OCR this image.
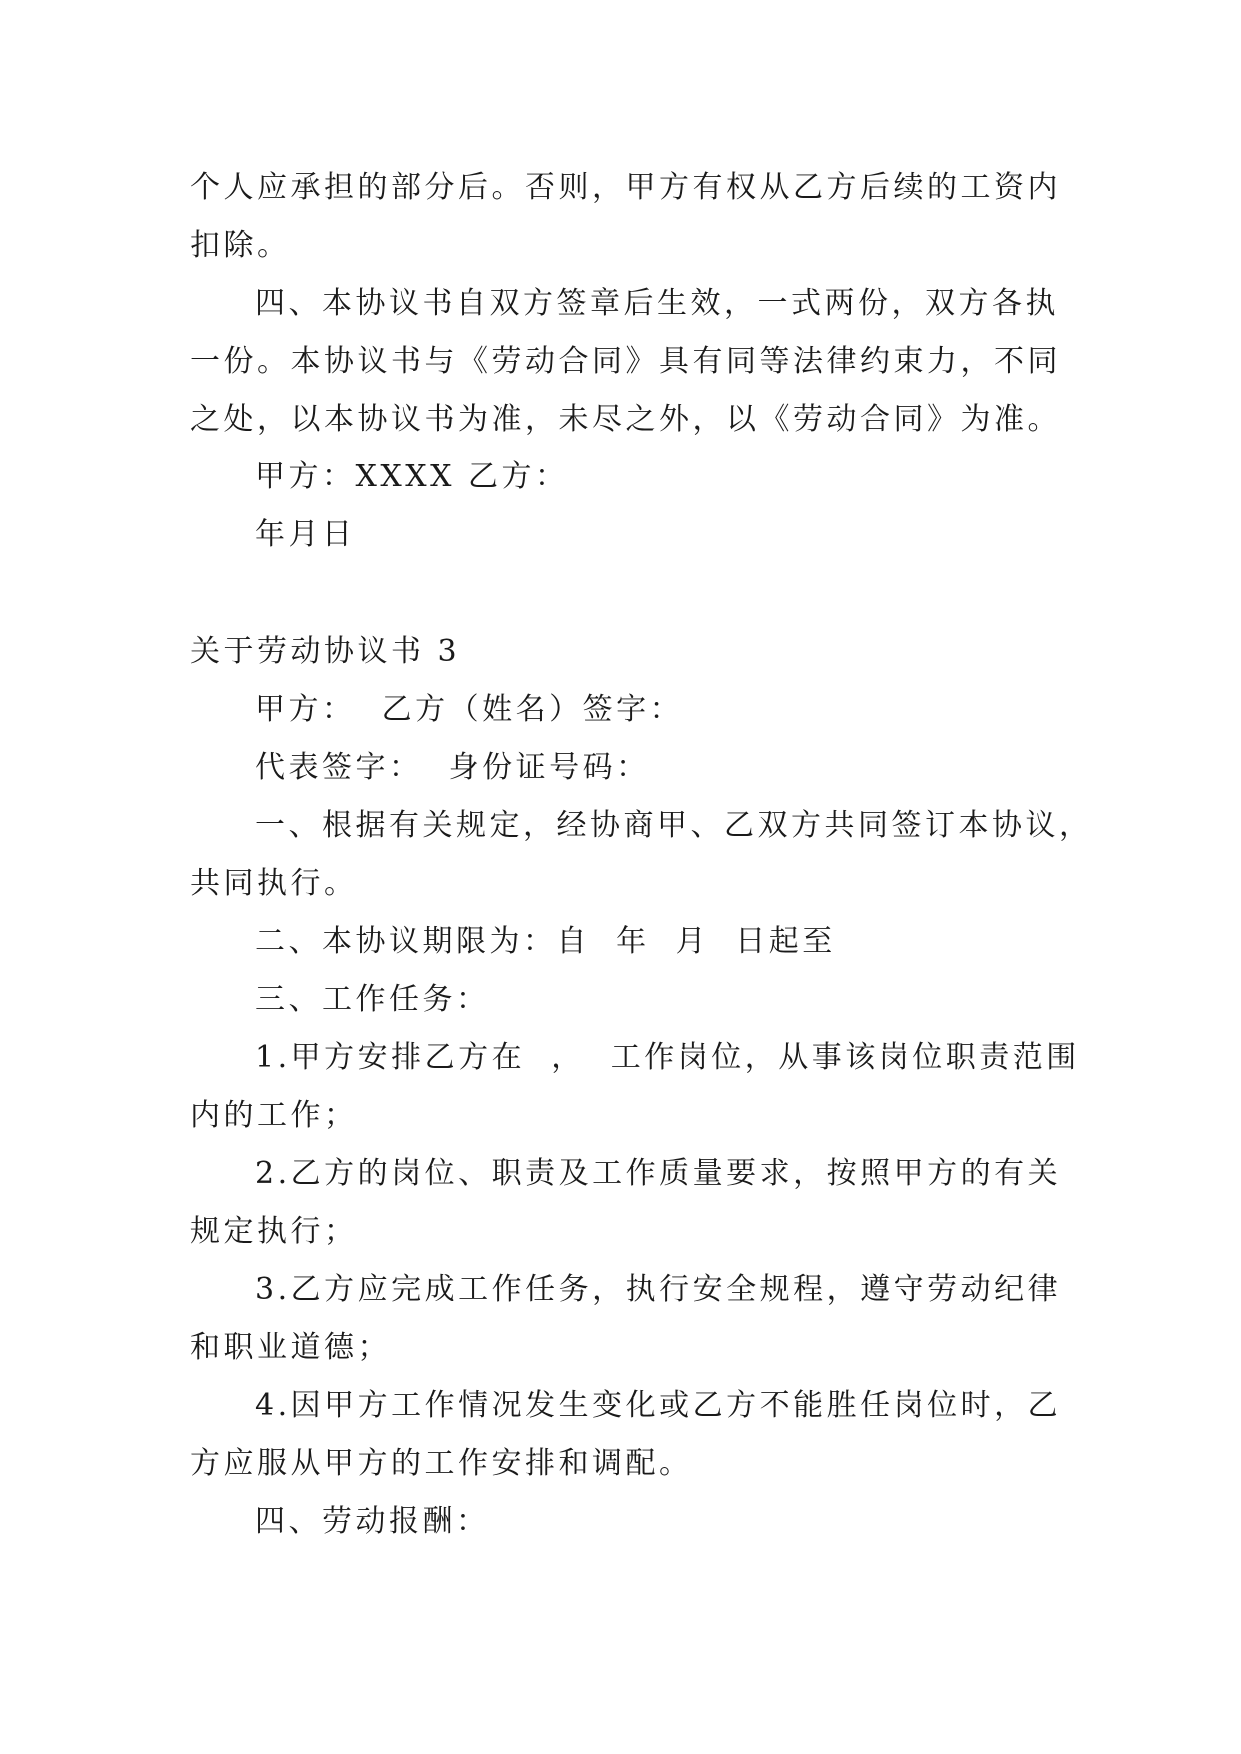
个人应承担的部分后。否则，甲方有权从乙方后续的工资内
扣除。
四、本协议书自双方签章后生效，一式两份，双方各执
一份。本协议书与《劳动合同》具有同等法律约束力，不同
之处，以本协议书为准，未尽之外，以《劳动合同》为准。
甲方：XXXX 乙方：
年月日
关于劳动协议书 3
甲方：  乙方（姓名）签字：
代表签字：  身份证号码：
一、根据有关规定，经协商甲、乙双方共同签订本协议，
共同执行。
二、本协议期限为：自  年  月  日起至
三、工作任务：
1.甲方安排乙方在  ，  工作岗位，从事该岗位职责范围
内的工作；
2.乙方的岗位、职责及工作质量要求，按照甲方的有关
规定执行；
3.乙方应完成工作任务，执行安全规程，遵守劳动纪律
和职业道德；
4.因甲方工作情况发生变化或乙方不能胜任岗位时，乙
方应服从甲方的工作安排和调配。
四、劳动报酬：
